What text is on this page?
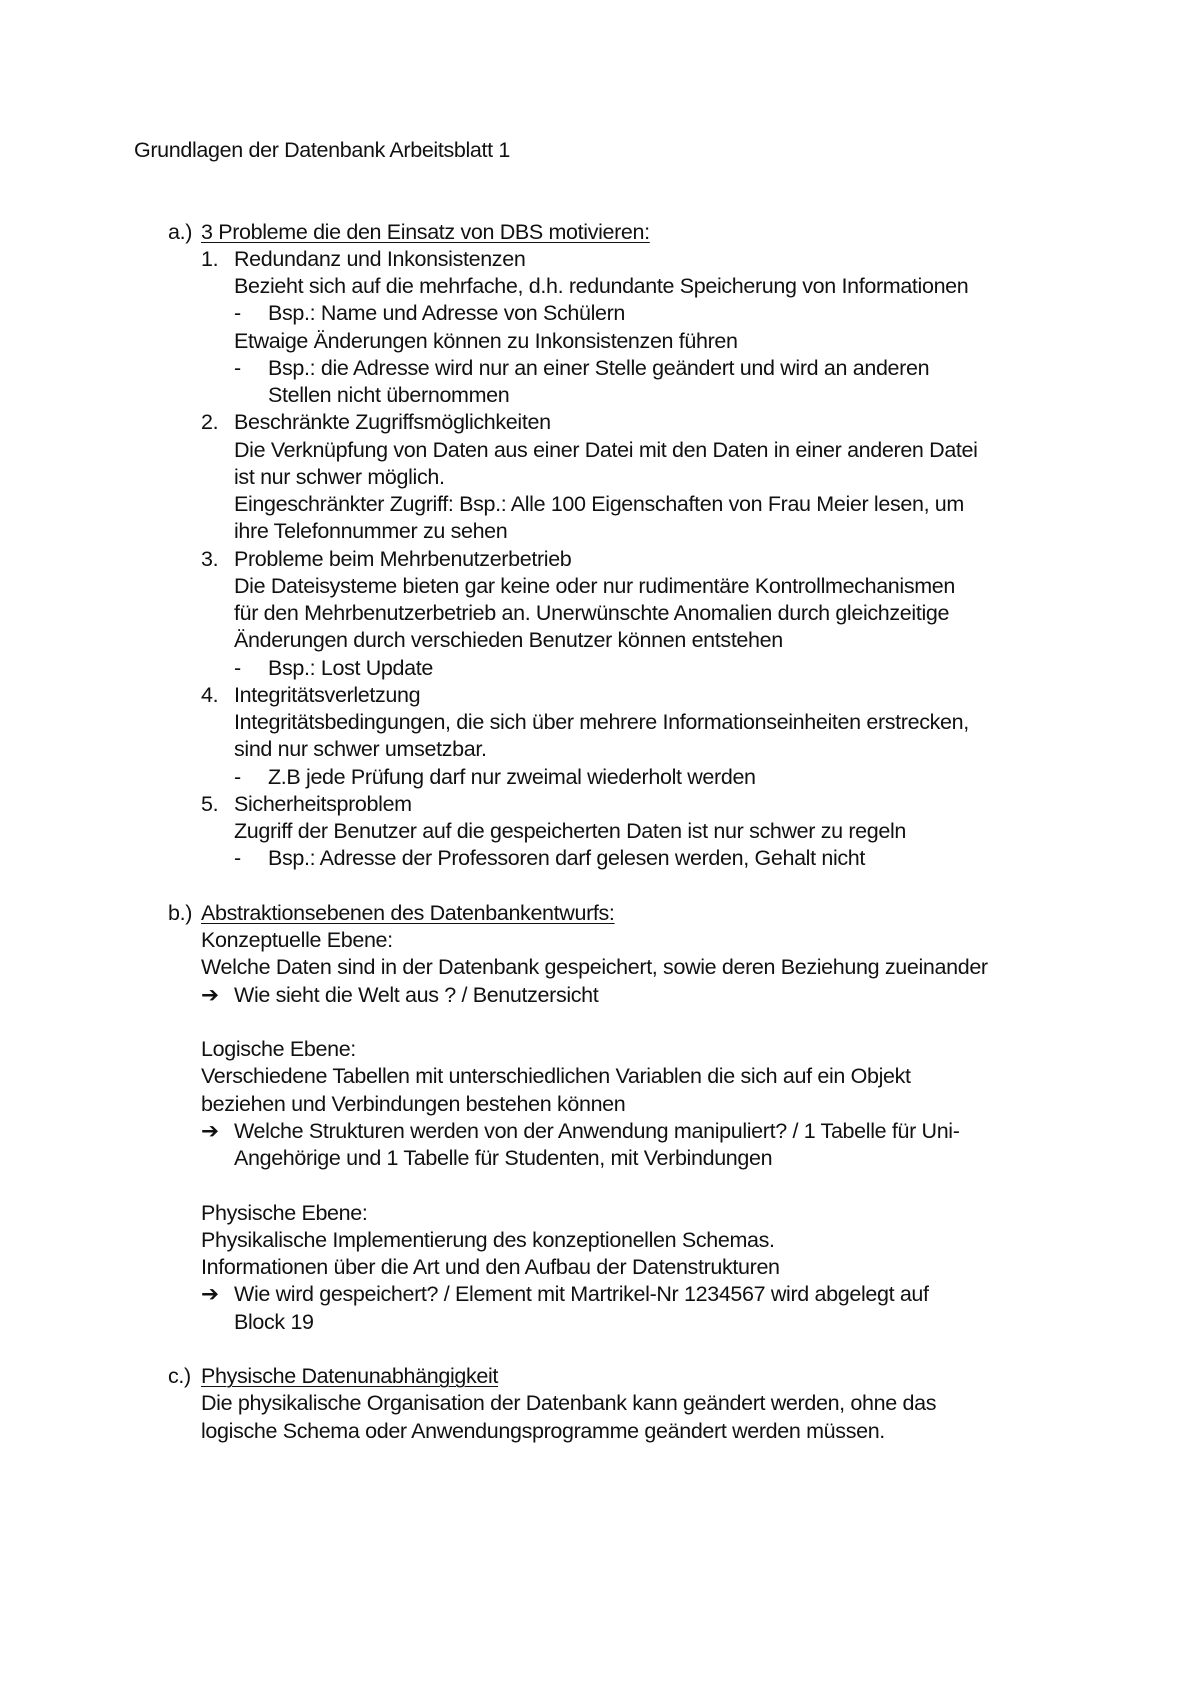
Grundlagen der Datenbank Arbeitsblatt 1
a.) 3 Probleme die den Einsatz von DBS motivieren:
1. Redundanz und Inkonsistenzen
Bezieht sich auf die mehrfache, d.h. redundante Speicherung von Informationen
- Bsp.: Name und Adresse von Schülern
Etwaige Änderungen können zu Inkonsistenzen führen
- Bsp.: die Adresse wird nur an einer Stelle geändert und wird an anderen
Stellen nicht übernommen
2. Beschränkte Zugriffsmöglichkeiten
Die Verknüpfung von Daten aus einer Datei mit den Daten in einer anderen Datei
ist nur schwer möglich.
Eingeschränkter Zugriff: Bsp.: Alle 100 Eigenschaften von Frau Meier lesen, um
ihre Telefonnummer zu sehen
3. Probleme beim Mehrbenutzerbetrieb
Die Dateisysteme bieten gar keine oder nur rudimentäre Kontrollmechanismen
für den Mehrbenutzerbetrieb an. Unerwünschte Anomalien durch gleichzeitige
Änderungen durch verschieden Benutzer können entstehen
- Bsp.: Lost Update
4. Integritätsverletzung
Integritätsbedingungen, die sich über mehrere Informationseinheiten erstrecken,
sind nur schwer umsetzbar.
- Z.B jede Prüfung darf nur zweimal wiederholt werden
5. Sicherheitsproblem
Zugriff der Benutzer auf die gespeicherten Daten ist nur schwer zu regeln
- Bsp.: Adresse der Professoren darf gelesen werden, Gehalt nicht
b.) Abstraktionsebenen des Datenbankentwurfs:
Konzeptuelle Ebene:
Welche Daten sind in der Datenbank gespeichert, sowie deren Beziehung zueinander
➔ Wie sieht die Welt aus ? / Benutzersicht
Logische Ebene:
Verschiedene Tabellen mit unterschiedlichen Variablen die sich auf ein Objekt
beziehen und Verbindungen bestehen können
➔ Welche Strukturen werden von der Anwendung manipuliert? / 1 Tabelle für Uni-
Angehörige und 1 Tabelle für Studenten, mit Verbindungen
Physische Ebene:
Physikalische Implementierung des konzeptionellen Schemas.
Informationen über die Art und den Aufbau der Datenstrukturen
➔ Wie wird gespeichert? / Element mit Martrikel-Nr 1234567 wird abgelegt auf
Block 19
c.) Physische Datenunabhängigkeit
Die physikalische Organisation der Datenbank kann geändert werden, ohne das
logische Schema oder Anwendungsprogramme geändert werden müssen.
